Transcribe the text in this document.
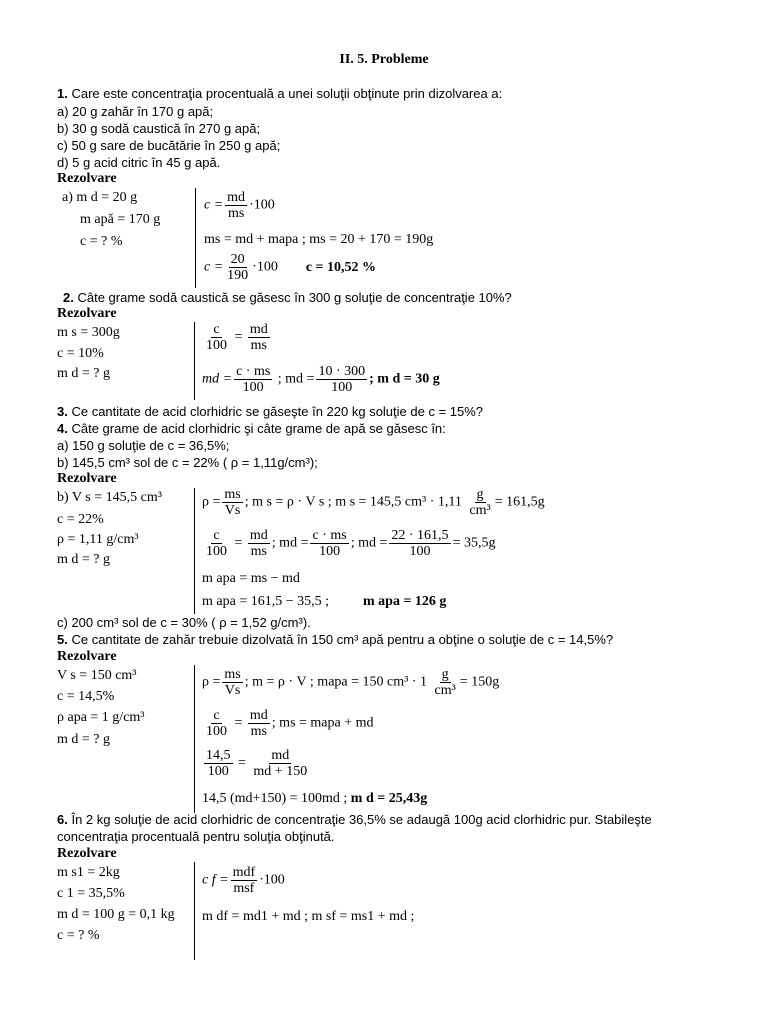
II. 5. Probleme
1. Care este concentraţia procentuală a unei soluţii obţinute prin dizolvarea a:
a) 20 g zahăr în 170 g apă;
b) 30 g sodă caustică în 270 g apă;
c) 50 g sare de bucătărie în 250 g apă;
d) 5 g acid citric în 45 g apă.
Rezolvare
a) m d = 20 g
m apă = 170 g
c = ? %
$c = \frac{md}{ms} \cdot 100$
ms = md + mapa ; ms = 20 + 170 = 190g
$c = \frac{20}{190} \cdot 100$ c = 10,52 %
2. Câte grame sodă caustică se găsesc în 300 g soluţie de concentraţie 10%?
Rezolvare
m s = 300g
c = 10%
m d = ? g
$\frac{c}{100} = \frac{md}{ms}$
md = $\frac{c \cdot ms}{100}$ ; md = $\frac{10 \cdot 300}{100}$ ; m d = 30 g
3. Ce cantitate de acid clorhidric se găseşte în 220 kg soluţie de c = 15%?
4. Câte grame de acid clorhidric şi câte grame de apă se găsesc în:
a) 150 g soluţie de c = 36,5%;
b) 145,5 cm³ sol de c = 22% ( ρ = 1,11g/cm³);
Rezolvare
b) V s = 145,5 cm³
c = 22%
ρ = 1,11 g/cm³
m d = ? g
$\rho = \frac{ms}{Vs}$ ; m s = ρ · V s ; m s = 145,5 $cm^3 \cdot 1,11 \frac{g}{\text{cm³}} = 161,5g$
$\frac{c}{100} = \frac{md}{ms}$ ; md = $\frac{c \cdot ms}{100}$ ; md = $\frac{22 \cdot 161,5}{100} = 35,5g$
m apa = ms − md
m apa = 161,5 − 35,5 ; m apa = 126 g
c) 200 cm³ sol de c = 30% ( ρ = 1,52 g/cm³).
5. Ce cantitate de zahăr trebuie dizolvată în 150 cm³ apă pentru a obţine o soluţie de c = 14,5%?
Rezolvare
V s = 150 cm³
c = 14,5%
ρ apa = 1 g/cm³
m d = ? g
$\rho = \frac{ms}{Vs}$ ; m = ρ · V ; mapa = 150 $cm^3 \cdot 1 \frac{g}{\text{cm³}} = 150g$
$\frac{c}{100} = \frac{md}{ms}$ ; ms = mapa + md
$\frac{14,5}{100} = \frac{md}{md + 150}$
14,5 (md+150) = 100md ; m d = 25,43g
6. În 2 kg soluţie de acid clorhidric de concentraţie 36,5% se adaugă 100g acid clorhidric pur. Stabileşte
concentraţia procentuală pentru soluţia obţinută.
Rezolvare
m s1 = 2kg
c 1 = 35,5%
m d = 100 g = 0,1 kg
c = ? %
c $f = \frac{\text{mdf}}{\text{msf}} \cdot 100$
m df = md1 + md ; m sf = ms1 + md ;
